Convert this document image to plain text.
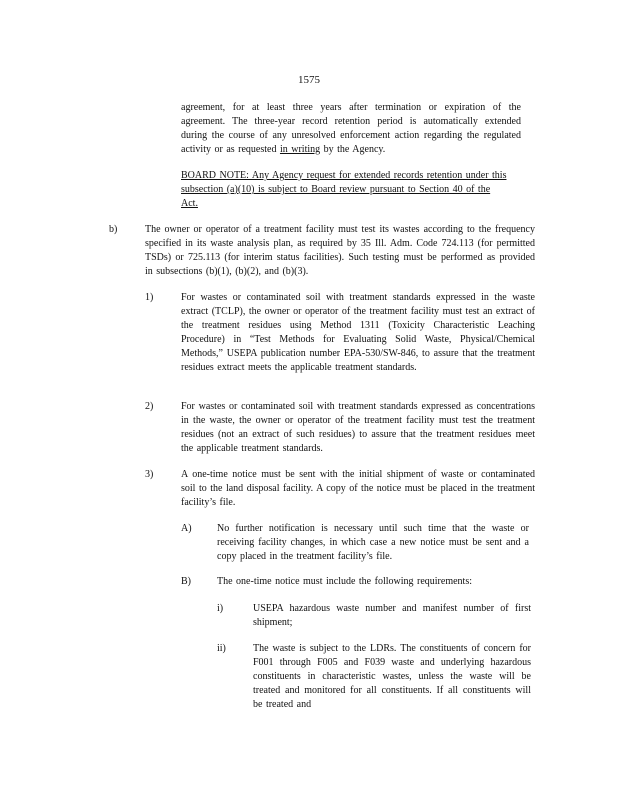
1575
agreement, for at least three years after termination or expiration of the agreement. The three-year record retention period is automatically extended during the course of any unresolved enforcement action regarding the regulated activity or as requested in writing by the Agency.
BOARD NOTE: Any Agency request for extended records retention under this subsection (a)(10) is subject to Board review pursuant to Section 40 of the Act.
b)	The owner or operator of a treatment facility must test its wastes according to the frequency specified in its waste analysis plan, as required by 35 Ill. Adm. Code 724.113 (for permitted TSDs) or 725.113 (for interim status facilities). Such testing must be performed as provided in subsections (b)(1), (b)(2), and (b)(3).
1)	For wastes or contaminated soil with treatment standards expressed in the waste extract (TCLP), the owner or operator of the treatment facility must test an extract of the treatment residues using Method 1311 (Toxicity Characteristic Leaching Procedure) in “Test Methods for Evaluating Solid Waste, Physical/Chemical Methods,” USEPA publication number EPA-530/SW-846, to assure that the treatment residues extract meets the applicable treatment standards.
2)	For wastes or contaminated soil with treatment standards expressed as concentrations in the waste, the owner or operator of the treatment facility must test the treatment residues (not an extract of such residues) to assure that the treatment residues meet the applicable treatment standards.
3)	A one-time notice must be sent with the initial shipment of waste or contaminated soil to the land disposal facility. A copy of the notice must be placed in the treatment facility’s file.
A)	No further notification is necessary until such time that the waste or receiving facility changes, in which case a new notice must be sent and a copy placed in the treatment facility’s file.
B)	The one-time notice must include the following requirements:
i)	USEPA hazardous waste number and manifest number of first shipment;
ii)	The waste is subject to the LDRs. The constituents of concern for F001 through F005 and F039 waste and underlying hazardous constituents in characteristic wastes, unless the waste will be treated and monitored for all constituents. If all constituents will be treated and
